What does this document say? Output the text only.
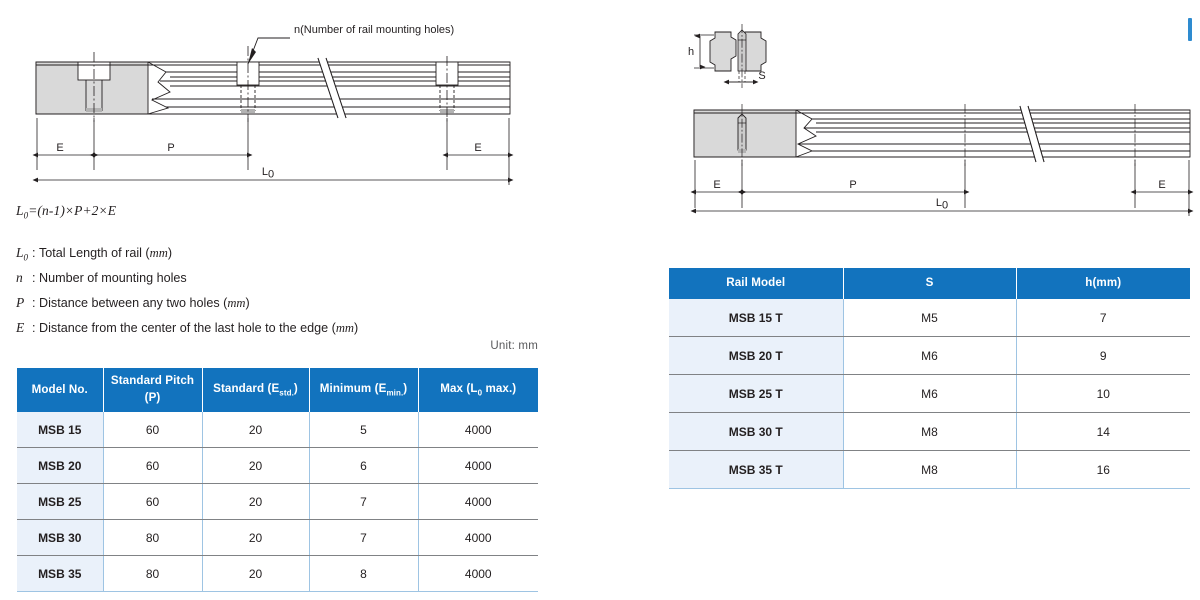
n(Number of rail mounting holes)
E	P	E
L0
$L_0=(n-1)\times P+2\times E$
$L_0$ : Total Length of rail (mm)
n : Number of mounting holes
P : Distance between any two holes (mm)
E : Distance from the center of the last hole to the edge (mm)
Unit: mm
Model No.	Standard Pitch
(P)	Standard $(E_{std.})$	Minimum $(E_{min.})$	Max ($L_0$ max.)
MSB 15	60	20	5	4000
MSB 20	60	20	6	4000
MSB 25	60	20	7	4000
MSB 30	80	20	7	4000
MSB 35	80	20	8	4000
h
S
E	P	E
L0
Rail Model	S	h(mm)
MSB 15 T	M5	7
MSB 20 T	M6	9
MSB 25 T	M6	10
MSB 30 T	M8	14
MSB 35 T	M8	16
